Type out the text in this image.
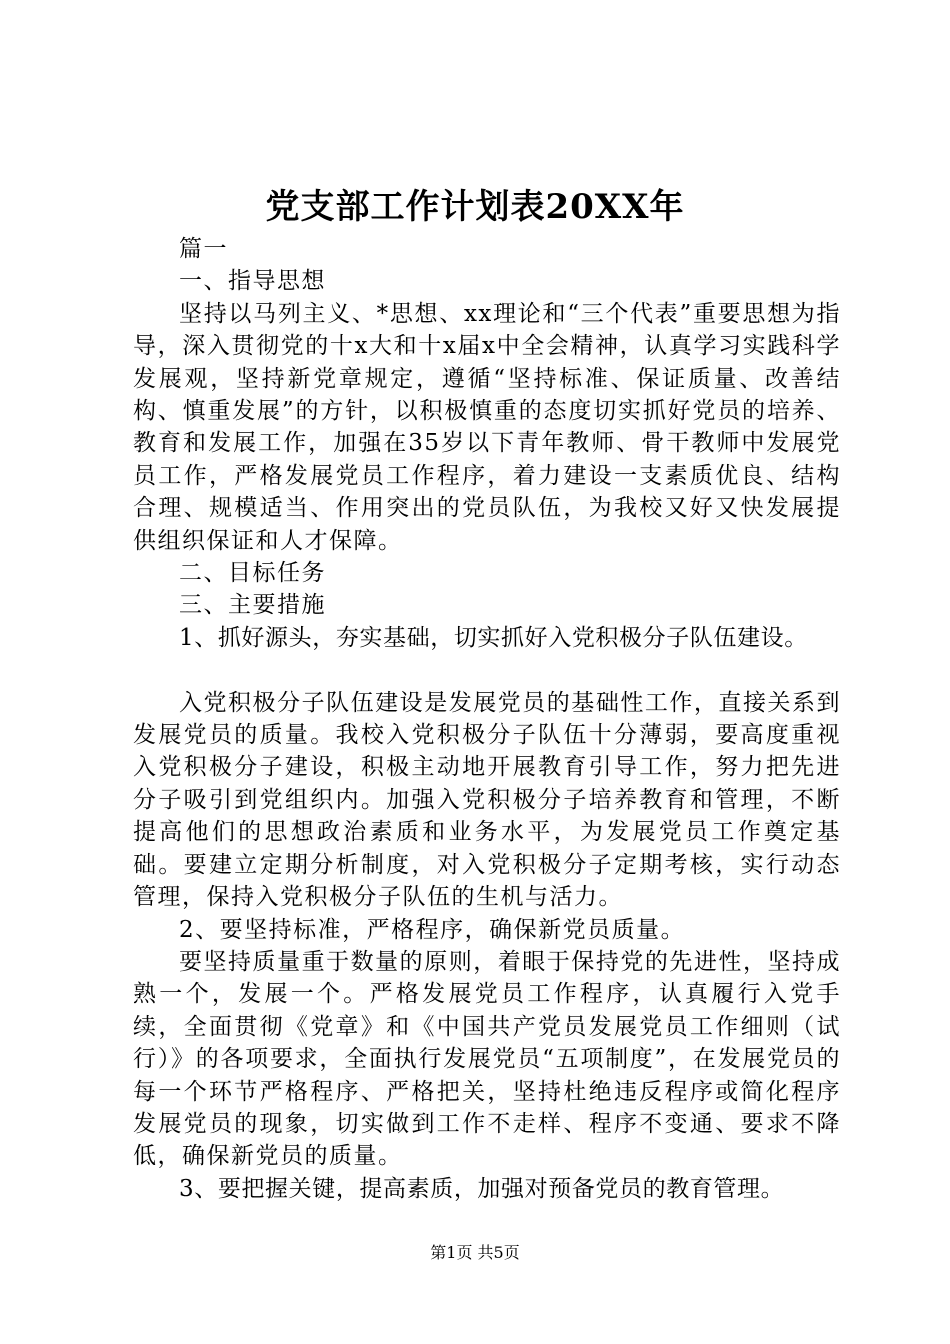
党支部工作计划表20XX年

篇一

一、指导思想

坚持以马列主义、*思想、xx理论和“三个代表”重要思想为指导，深入贯彻党的十x大和十x届x中全会精神，认真学习实践科学发展观，坚持新党章规定，遵循“坚持标准、保证质量、改善结构、慎重发展”的方针，以积极慎重的态度切实抓好党员的培养、教育和发展工作，加强在35岁以下青年教师、骨干教师中发展党员工作，严格发展党员工作程序，着力建设一支素质优良、结构合理、规模适当、作用突出的党员队伍，为我校又好又快发展提供组织保证和人才保障。

二、目标任务

三、主要措施

1、抓好源头，夯实基础，切实抓好入党积极分子队伍建设。

入党积极分子队伍建设是发展党员的基础性工作，直接关系到发展党员的质量。我校入党积极分子队伍十分薄弱，要高度重视入党积极分子建设，积极主动地开展教育引导工作，努力把先进分子吸引到党组织内。加强入党积极分子培养教育和管理，不断提高他们的思想政治素质和业务水平，为发展党员工作奠定基础。要建立定期分析制度，对入党积极分子定期考核，实行动态管理，保持入党积极分子队伍的生机与活力。

2、要坚持标准，严格程序，确保新党员质量。

要坚持质量重于数量的原则，着眼于保持党的先进性，坚持成熟一个，发展一个。严格发展党员工作程序，认真履行入党手续，全面贯彻《党章》和《中国共产党员发展党员工作细则（试行）》的各项要求，全面执行发展党员“五项制度”，在发展党员的每一个环节严格程序、严格把关，坚持杜绝违反程序或简化程序发展党员的现象，切实做到工作不走样、程序不变通、要求不降低，确保新党员的质量。

3、要把握关键，提高素质，加强对预备党员的教育管理。

第1页 共5页
